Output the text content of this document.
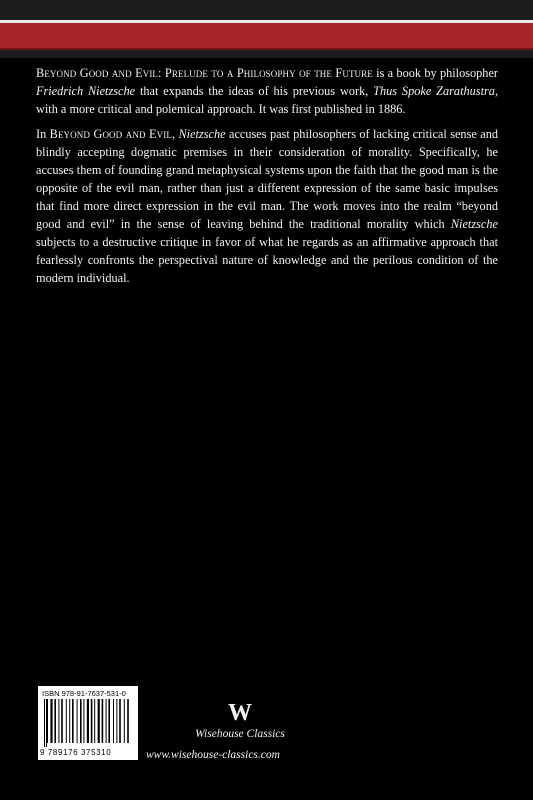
Beyond Good and Evil: Prelude to a Philosophy of the Future is a book by philosopher Friedrich Nietzsche that expands the ideas of his previous work, Thus Spoke Zarathustra, with a more critical and polemical approach. It was first published in 1886.

In Beyond Good and Evil, Nietzsche accuses past philosophers of lacking critical sense and blindly accepting dogmatic premises in their consideration of morality. Specifically, he accuses them of founding grand metaphysical systems upon the faith that the good man is the opposite of the evil man, rather than just a different expression of the same basic impulses that find more direct expression in the evil man. The work moves into the realm “beyond good and evil” in the sense of leaving behind the traditional morality which Nietzsche subjects to a destructive critique in favor of what he regards as an affirmative approach that fearlessly confronts the perspectival nature of knowledge and the perilous condition of the modern individual.

ISBN 978-91-7637-531-0
9 789176 375310
W
Wisehouse Classics
www.wisehouse-classics.com
